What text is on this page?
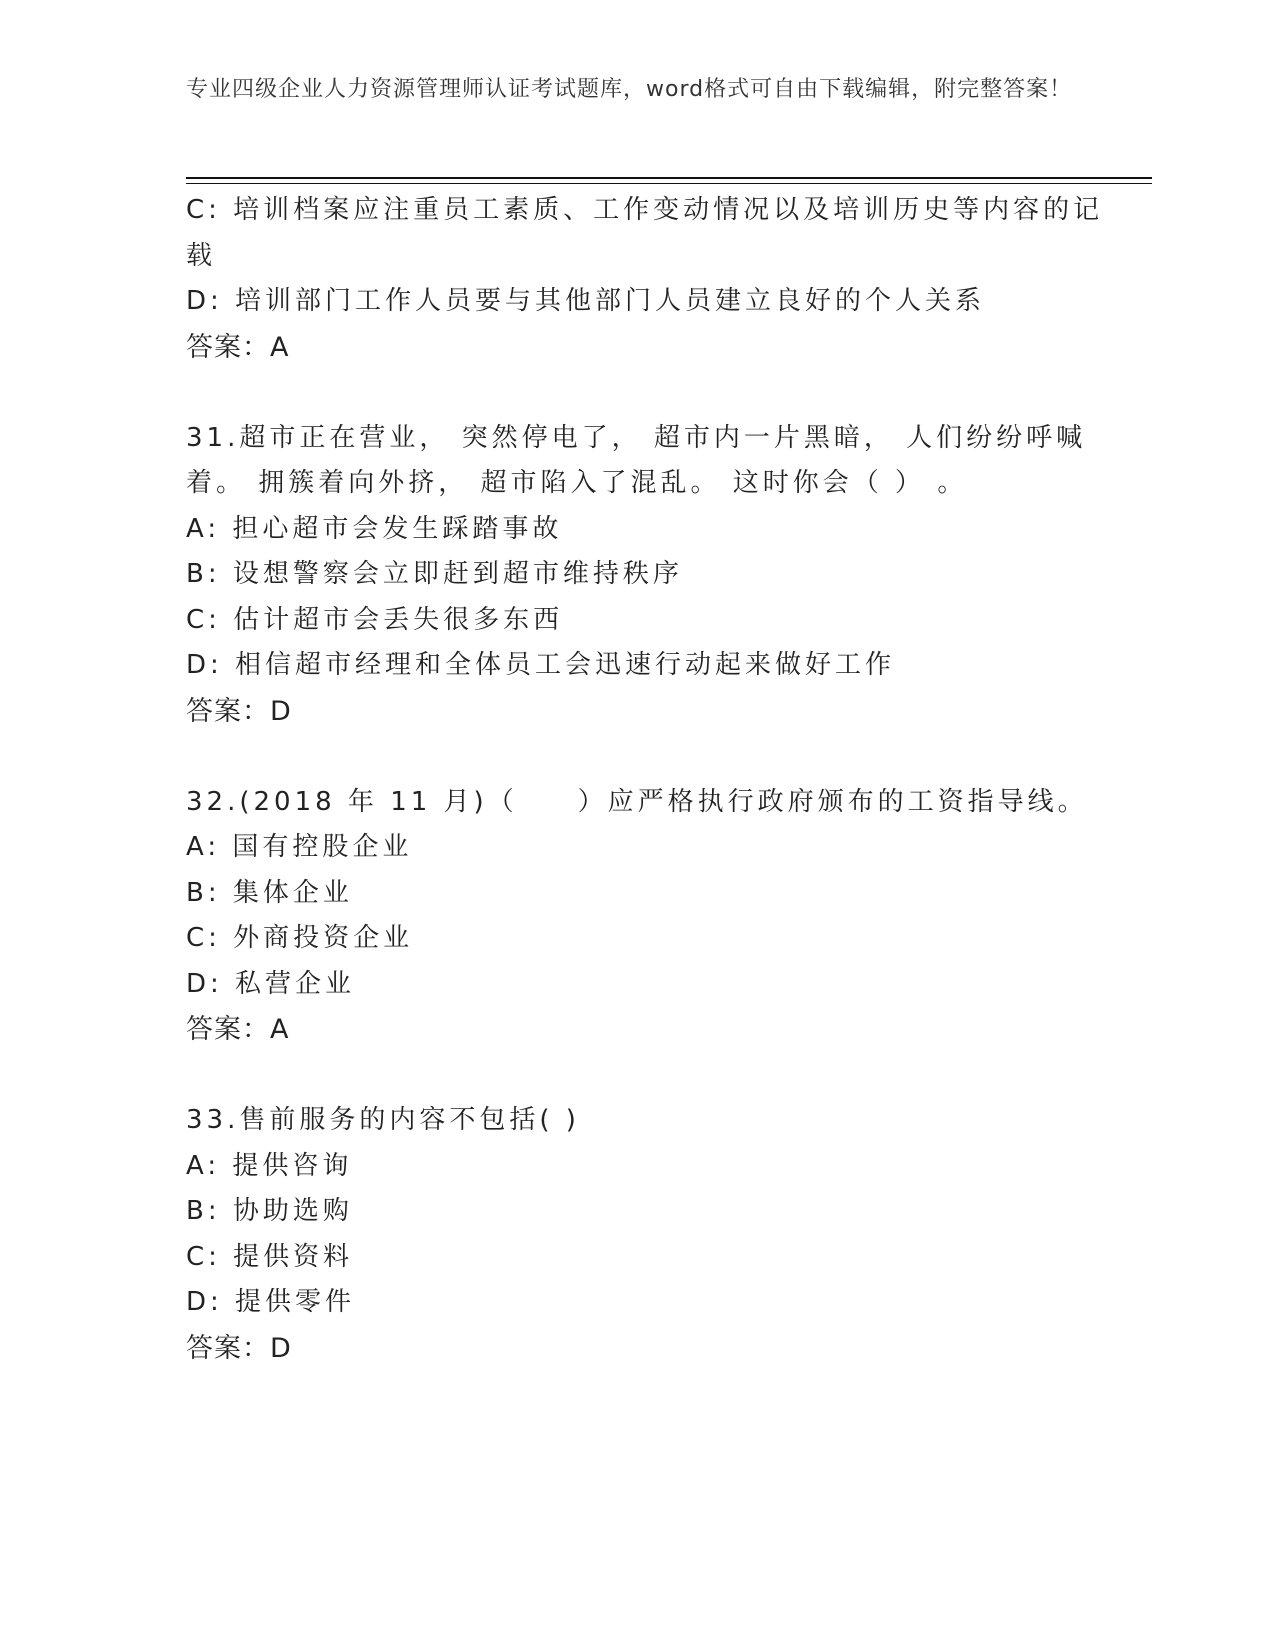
专业四级企业人力资源管理师认证考试题库，word格式可自由下载编辑，附完整答案！
C: 培训档案应注重员工素质、工作变动情况以及培训历史等内容的记
载
D: 培训部门工作人员要与其他部门人员建立良好的个人关系
答案：A
31.超市正在营业， 突然停电了， 超市内一片黑暗， 人们纷纷呼喊
着。 拥簇着向外挤， 超市陷入了混乱。 这时你会（ ） 。
A: 担心超市会发生踩踏事故
B: 设想警察会立即赶到超市维持秩序
C: 估计超市会丢失很多东西
D: 相信超市经理和全体员工会迅速行动起来做好工作
答案：D
32.(2018 年 11 月)（　　）应严格执行政府颁布的工资指导线。
A: 国有控股企业
B: 集体企业
C: 外商投资企业
D: 私营企业
答案：A
33.售前服务的内容不包括( )
A: 提供咨询
B: 协助选购
C: 提供资料
D: 提供零件
答案：D
